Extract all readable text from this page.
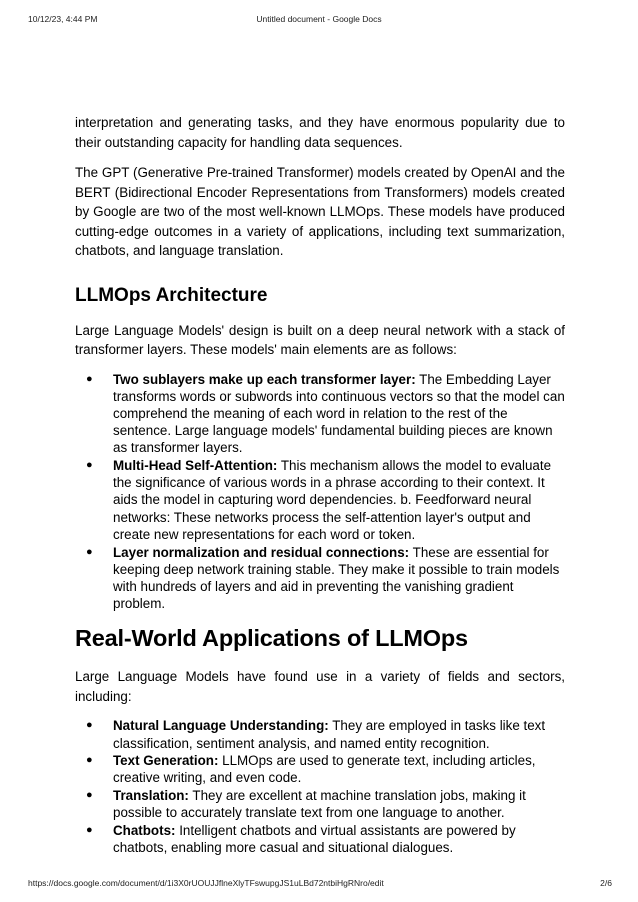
10/12/23, 4:44 PM	Untitled document - Google Docs

interpretation and generating tasks, and they have enormous popularity due to their outstanding capacity for handling data sequences.

The GPT (Generative Pre-trained Transformer) models created by OpenAI and the BERT (Bidirectional Encoder Representations from Transformers) models created by Google are two of the most well-known LLMOps. These models have produced cutting-edge outcomes in a variety of applications, including text summarization, chatbots, and language translation.

LLMOps Architecture

Large Language Models' design is built on a deep neural network with a stack of transformer layers. These models' main elements are as follows:

● Two sublayers make up each transformer layer: The Embedding Layer transforms words or subwords into continuous vectors so that the model can comprehend the meaning of each word in relation to the rest of the sentence. Large language models' fundamental building pieces are known as transformer layers.
● Multi-Head Self-Attention: This mechanism allows the model to evaluate the significance of various words in a phrase according to their context. It aids the model in capturing word dependencies. b. Feedforward neural networks: These networks process the self-attention layer's output and create new representations for each word or token.
● Layer normalization and residual connections: These are essential for keeping deep network training stable. They make it possible to train models with hundreds of layers and aid in preventing the vanishing gradient problem.
Real-World Applications of LLMOps

Large Language Models have found use in a variety of fields and sectors, including:

● Natural Language Understanding: They are employed in tasks like text classification, sentiment analysis, and named entity recognition.
● Text Generation: LLMOps are used to generate text, including articles, creative writing, and even code.
● Translation: They are excellent at machine translation jobs, making it possible to accurately translate text from one language to another.
● Chatbots: Intelligent chatbots and virtual assistants are powered by chatbots, enabling more casual and situational dialogues.
https://docs.google.com/document/d/1i3X0rUOUJJflneXlyTFswupgJS1uLBd72ntbiHgRNro/edit	2/6
